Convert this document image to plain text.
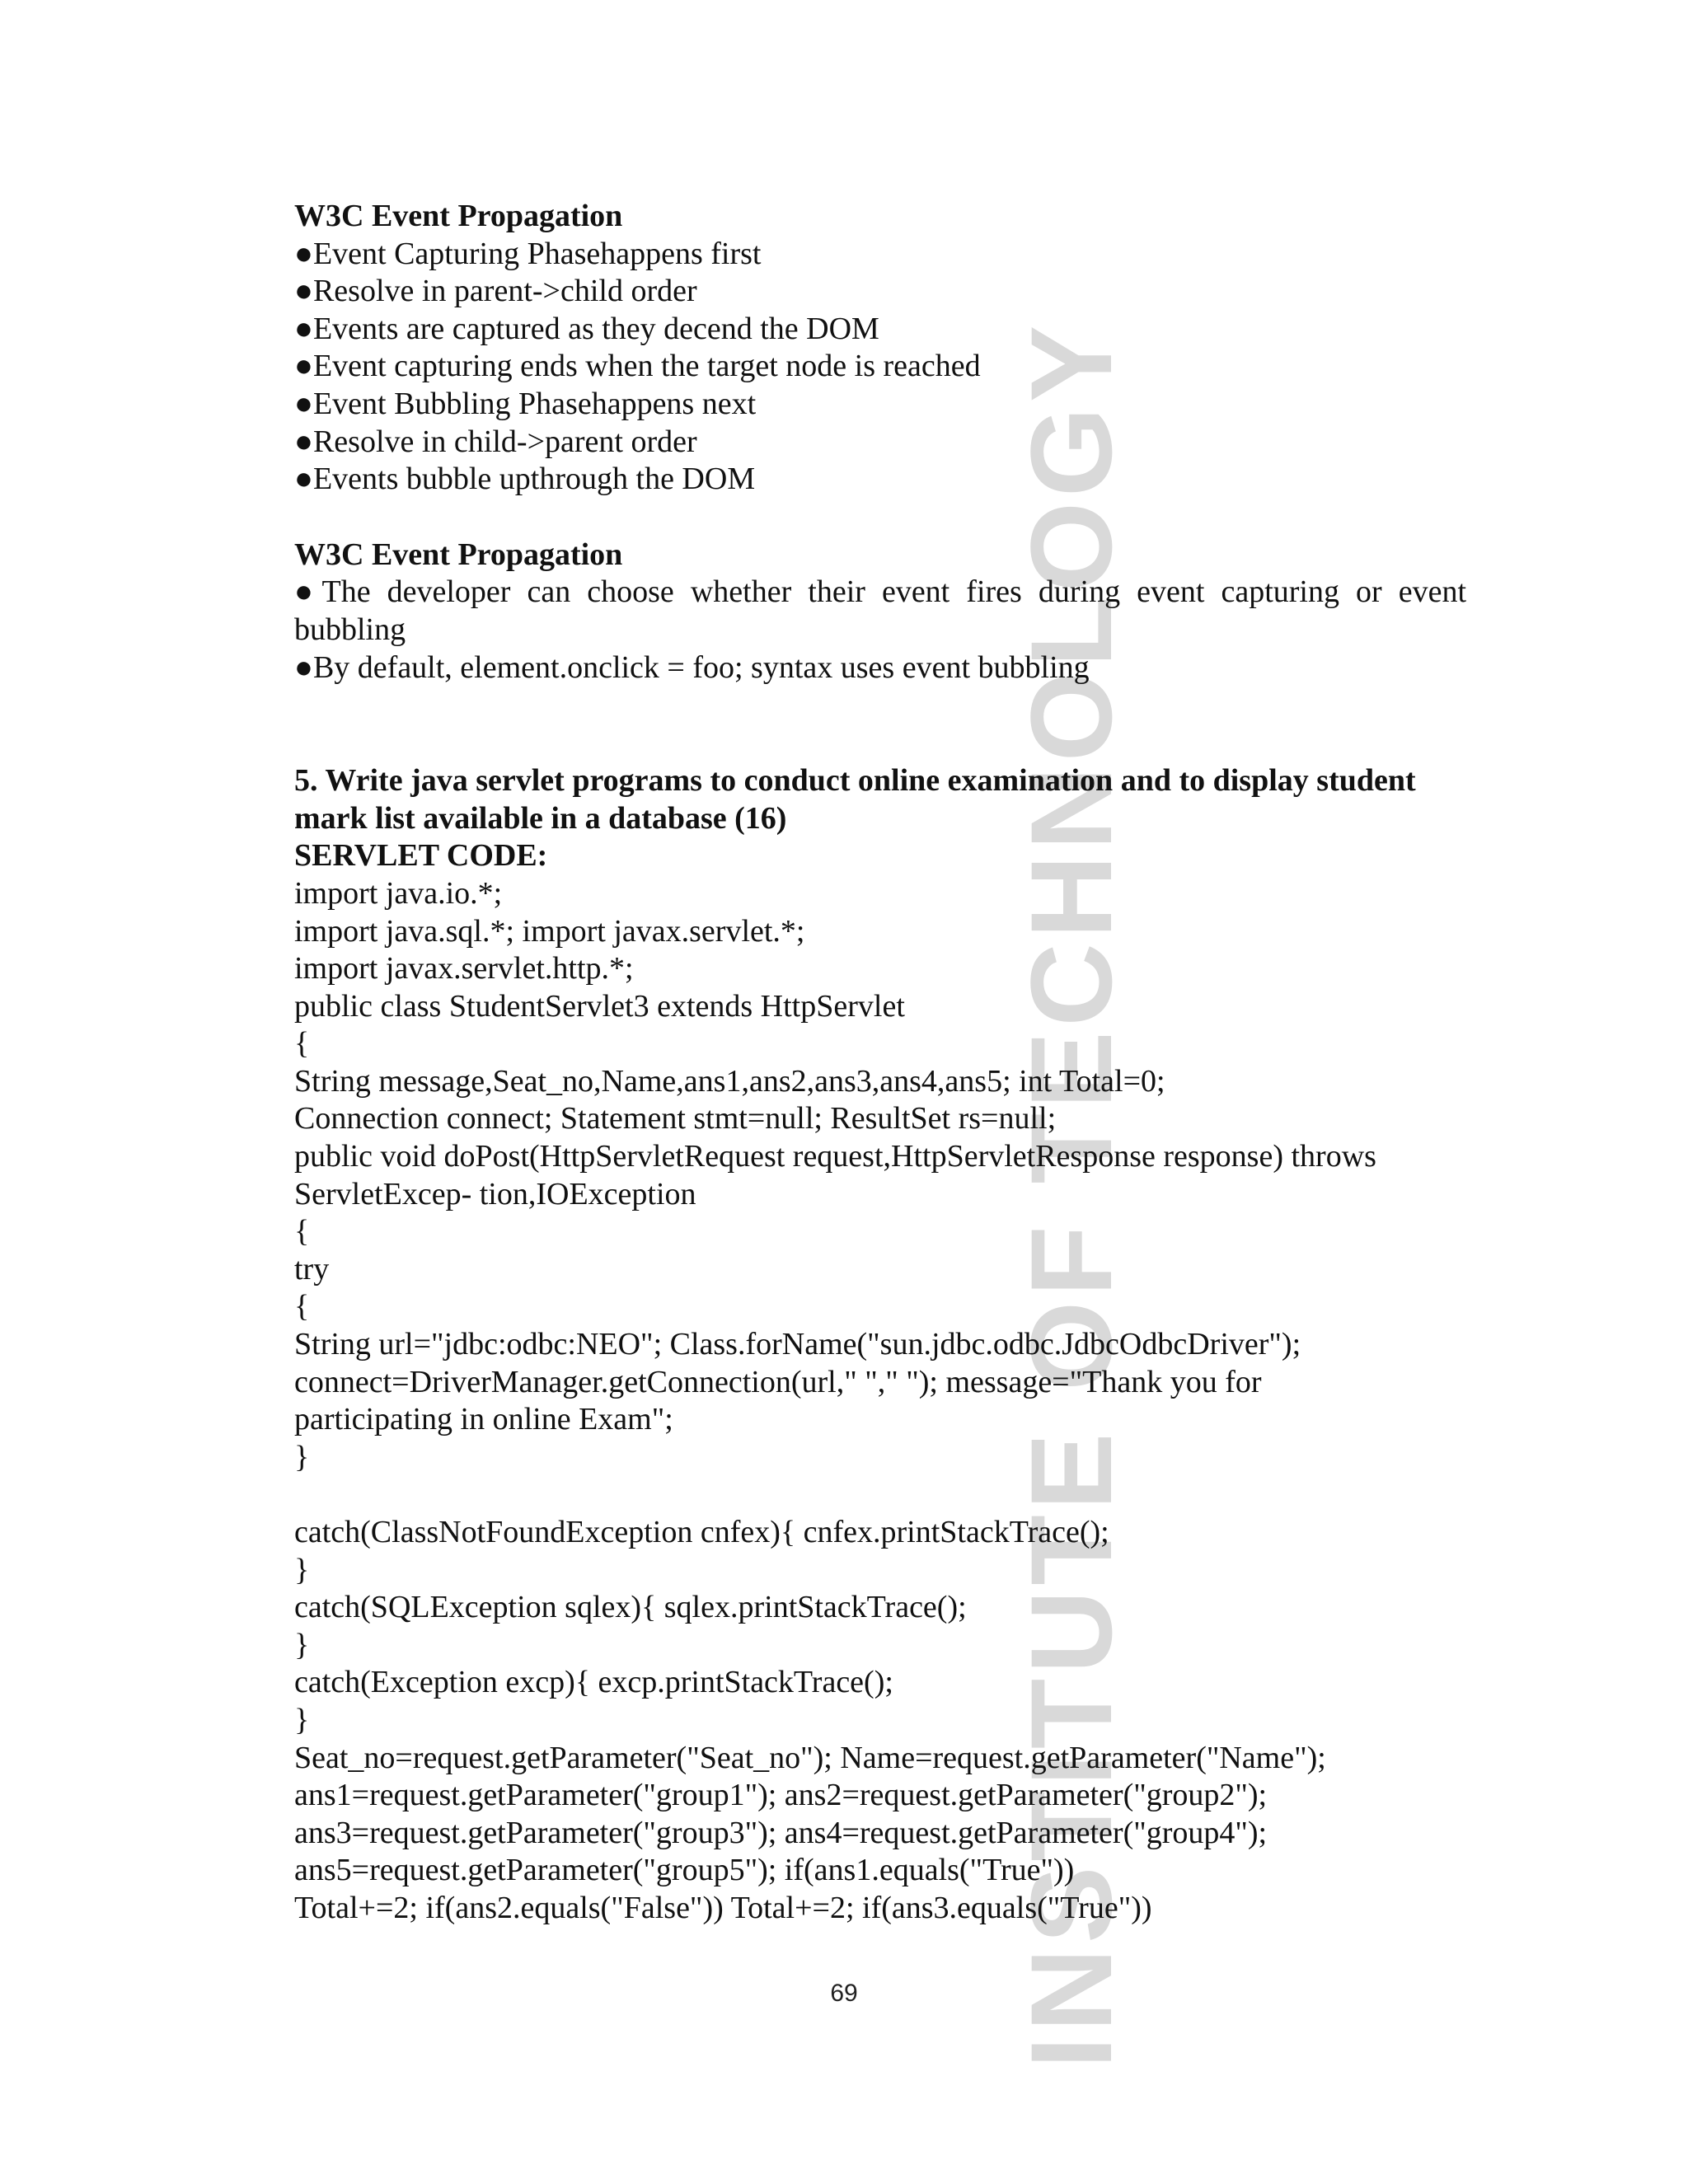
INSTITUTE OF TECHNOLOGY
W3C Event Propagation
●Event Capturing Phasehappens first
●Resolve in parent->child order
●Events are captured as they decend the DOM
●Event capturing ends when the target node is reached
●Event Bubbling Phasehappens next
●Resolve in child->parent order
●Events bubble upthrough the DOM
W3C Event Propagation
●The developer can choose whether their event fires during event capturing or event bubbling
●By default, element.onclick = foo; syntax uses event bubbling
5. Write java servlet programs to conduct online examination and to display student mark list available in a database (16)
SERVLET CODE:
import java.io.*;
import java.sql.*; import javax.servlet.*;
import javax.servlet.http.*;
public class StudentServlet3 extends HttpServlet
{
String message,Seat_no,Name,ans1,ans2,ans3,ans4,ans5; int Total=0;
Connection connect; Statement stmt=null; ResultSet rs=null;
public void doPost(HttpServletRequest request,HttpServletResponse response) throws
ServletExcep- tion,IOException
{
try
{
String url="jdbc:odbc:NEO"; Class.forName("sun.jdbc.odbc.JdbcOdbcDriver");
connect=DriverManager.getConnection(url," "," "); message="Thank you for
participating in online Exam";
}
catch(ClassNotFoundException cnfex){ cnfex.printStackTrace();
}
catch(SQLException sqlex){ sqlex.printStackTrace();
}
catch(Exception excp){ excp.printStackTrace();
}
Seat_no=request.getParameter("Seat_no"); Name=request.getParameter("Name");
ans1=request.getParameter("group1"); ans2=request.getParameter("group2");
ans3=request.getParameter("group3"); ans4=request.getParameter("group4");
ans5=request.getParameter("group5"); if(ans1.equals("True"))
Total+=2; if(ans2.equals("False")) Total+=2; if(ans3.equals("True"))
69
